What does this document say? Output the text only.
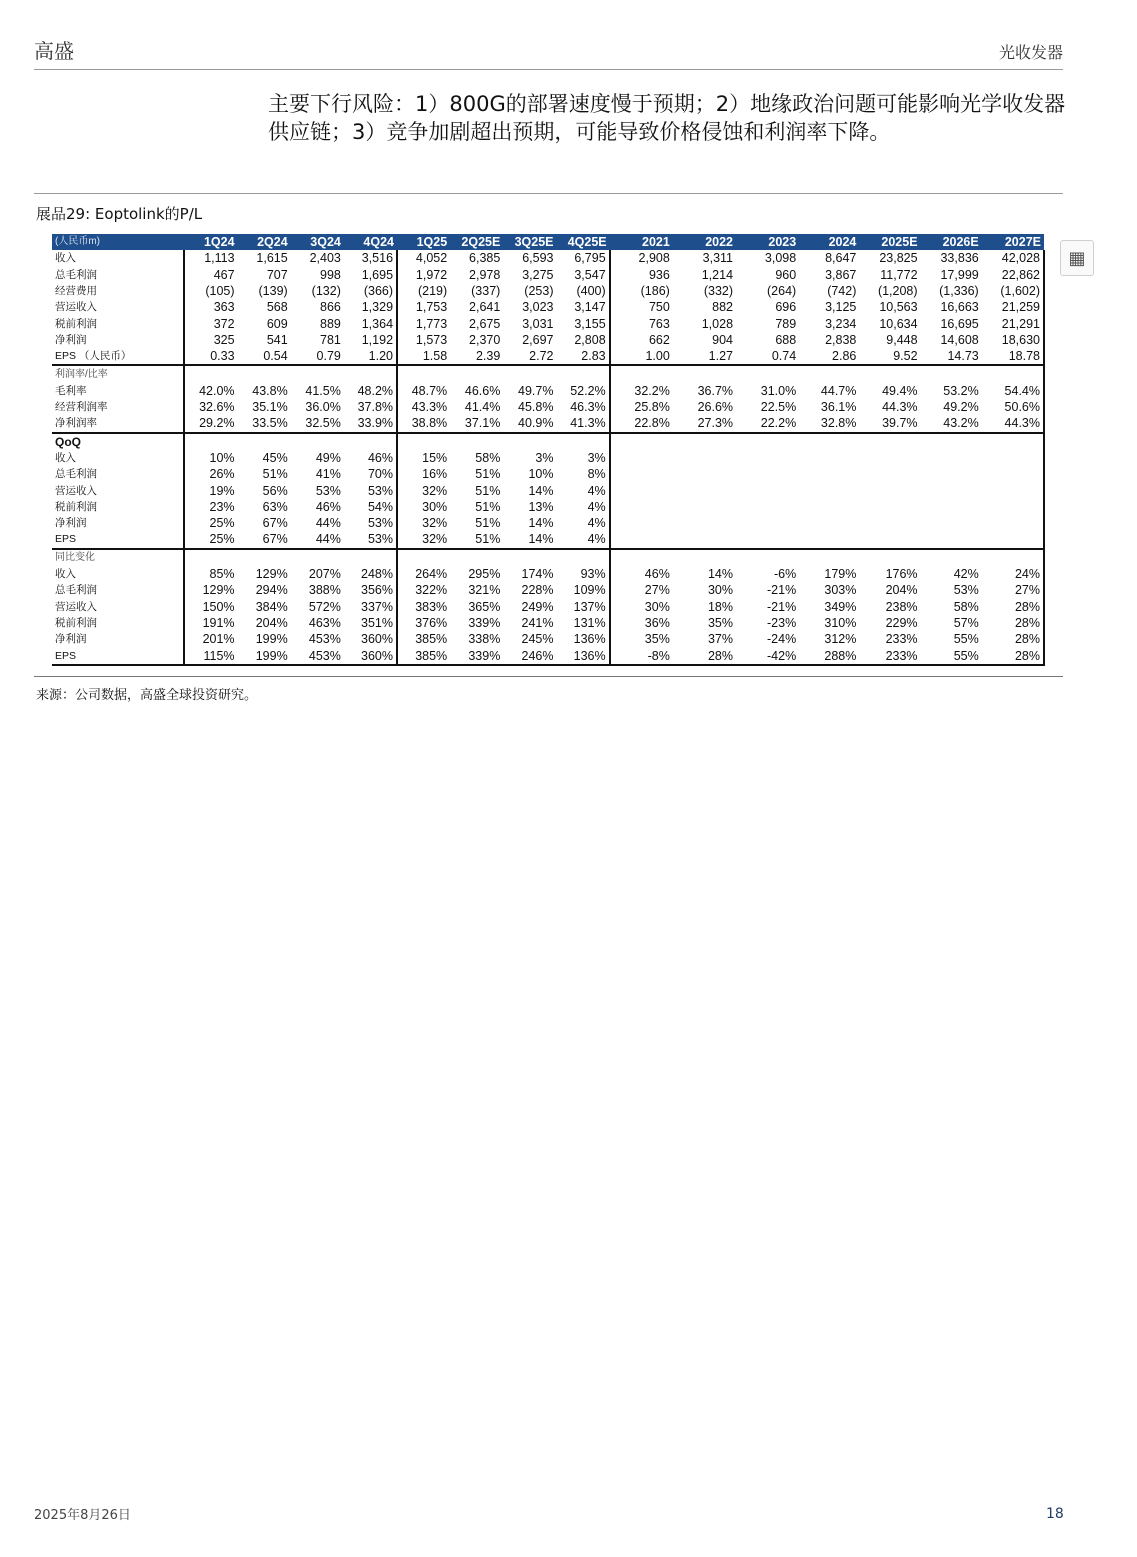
高盛	光收发器
主要下行风险：1）800G的部署速度慢于预期；2）地缘政治问题可能影响光学收发器供应链；3）竞争加剧超出预期，可能导致价格侵蚀和利润率下降。
展品29: Eoptolink的P/L
(人民币m)	1Q24	2Q24	3Q24	4Q24	1Q25	2Q25E	3Q25E	4Q25E	2021	2022	2023	2024	2025E	2026E	2027E
收入	1,113	1,615	2,403	3,516	4,052	6,385	6,593	6,795	2,908	3,311	3,098	8,647	23,825	33,836	42,028
总毛利润	467	707	998	1,695	1,972	2,978	3,275	3,547	936	1,214	960	3,867	11,772	17,999	22,862
经营费用	(105)	(139)	(132)	(366)	(219)	(337)	(253)	(400)	(186)	(332)	(264)	(742)	(1,208)	(1,336)	(1,602)
营运收入	363	568	866	1,329	1,753	2,641	3,023	3,147	750	882	696	3,125	10,563	16,663	21,259
税前利润	372	609	889	1,364	1,773	2,675	3,031	3,155	763	1,028	789	3,234	10,634	16,695	21,291
净利润	325	541	781	1,192	1,573	2,370	2,697	2,808	662	904	688	2,838	9,448	14,608	18,630
EPS （人民币）	0.33	0.54	0.79	1.20	1.58	2.39	2.72	2.83	1.00	1.27	0.74	2.86	9.52	14.73	18.78
利润率/比率															
毛利率	42.0%	43.8%	41.5%	48.2%	48.7%	46.6%	49.7%	52.2%	32.2%	36.7%	31.0%	44.7%	49.4%	53.2%	54.4%
经营利润率	32.6%	35.1%	36.0%	37.8%	43.3%	41.4%	45.8%	46.3%	25.8%	26.6%	22.5%	36.1%	44.3%	49.2%	50.6%
净利润率	29.2%	33.5%	32.5%	33.9%	38.8%	37.1%	40.9%	41.3%	22.8%	27.3%	22.2%	32.8%	39.7%	43.2%	44.3%
QoQ															
收入	10%	45%	49%	46%	15%	58%	3%	3%							
总毛利润	26%	51%	41%	70%	16%	51%	10%	8%							
营运收入	19%	56%	53%	53%	32%	51%	14%	4%							
税前利润	23%	63%	46%	54%	30%	51%	13%	4%							
净利润	25%	67%	44%	53%	32%	51%	14%	4%							
EPS	25%	67%	44%	53%	32%	51%	14%	4%							
同比变化															
收入	85%	129%	207%	248%	264%	295%	174%	93%	46%	14%	-6%	179%	176%	42%	24%
总毛利润	129%	294%	388%	356%	322%	321%	228%	109%	27%	30%	-21%	303%	204%	53%	27%
营运收入	150%	384%	572%	337%	383%	365%	249%	137%	30%	18%	-21%	349%	238%	58%	28%
税前利润	191%	204%	463%	351%	376%	339%	241%	131%	36%	35%	-23%	310%	229%	57%	28%
净利润	201%	199%	453%	360%	385%	338%	245%	136%	35%	37%	-24%	312%	233%	55%	28%
EPS	115%	199%	453%	360%	385%	339%	246%	136%	-8%	28%	-42%	288%	233%	55%	28%
来源：公司数据，高盛全球投资研究。
▦
2025年8月26日	18
